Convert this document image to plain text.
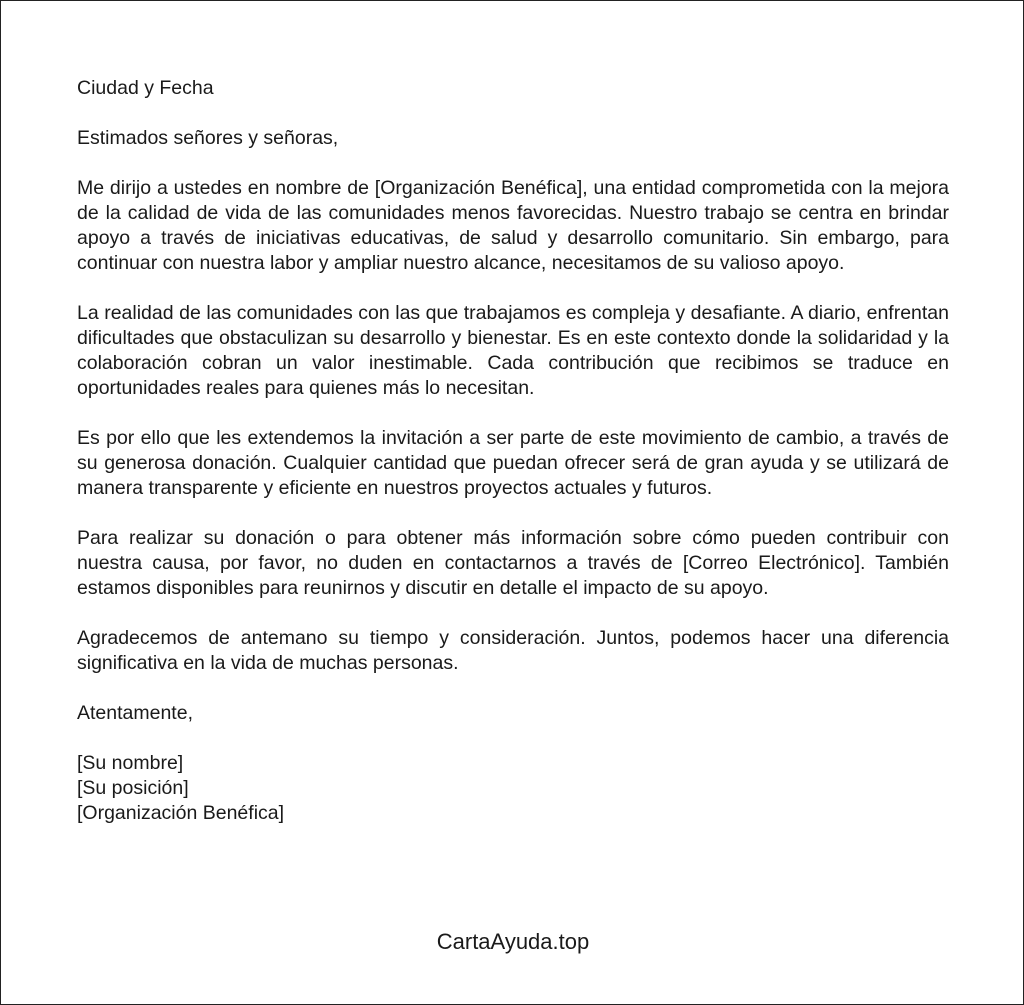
Ciudad y Fecha

Estimados señores y señoras,

Me dirijo a ustedes en nombre de [Organización Benéfica], una entidad comprometida con la mejora de la calidad de vida de las comunidades menos favorecidas. Nuestro trabajo se centra en brindar apoyo a través de iniciativas educativas, de salud y desarrollo comunitario. Sin embargo, para continuar con nuestra labor y ampliar nuestro alcance, necesitamos de su valioso apoyo.

La realidad de las comunidades con las que trabajamos es compleja y desafiante. A diario, enfrentan dificultades que obstaculizan su desarrollo y bienestar. Es en este contexto donde la solidaridad y la colaboración cobran un valor inestimable. Cada contribución que recibimos se traduce en oportunidades reales para quienes más lo necesitan.

Es por ello que les extendemos la invitación a ser parte de este movimiento de cambio, a través de su generosa donación. Cualquier cantidad que puedan ofrecer será de gran ayuda y se utilizará de manera transparente y eficiente en nuestros proyectos actuales y futuros.

Para realizar su donación o para obtener más información sobre cómo pueden contribuir con nuestra causa, por favor, no duden en contactarnos a través de [Correo Electrónico]. También estamos disponibles para reunirnos y discutir en detalle el impacto de su apoyo.

Agradecemos de antemano su tiempo y consideración. Juntos, podemos hacer una diferencia significativa en la vida de muchas personas.

Atentamente,

[Su nombre]
[Su posición]
[Organización Benéfica]
CartaAyuda.top
